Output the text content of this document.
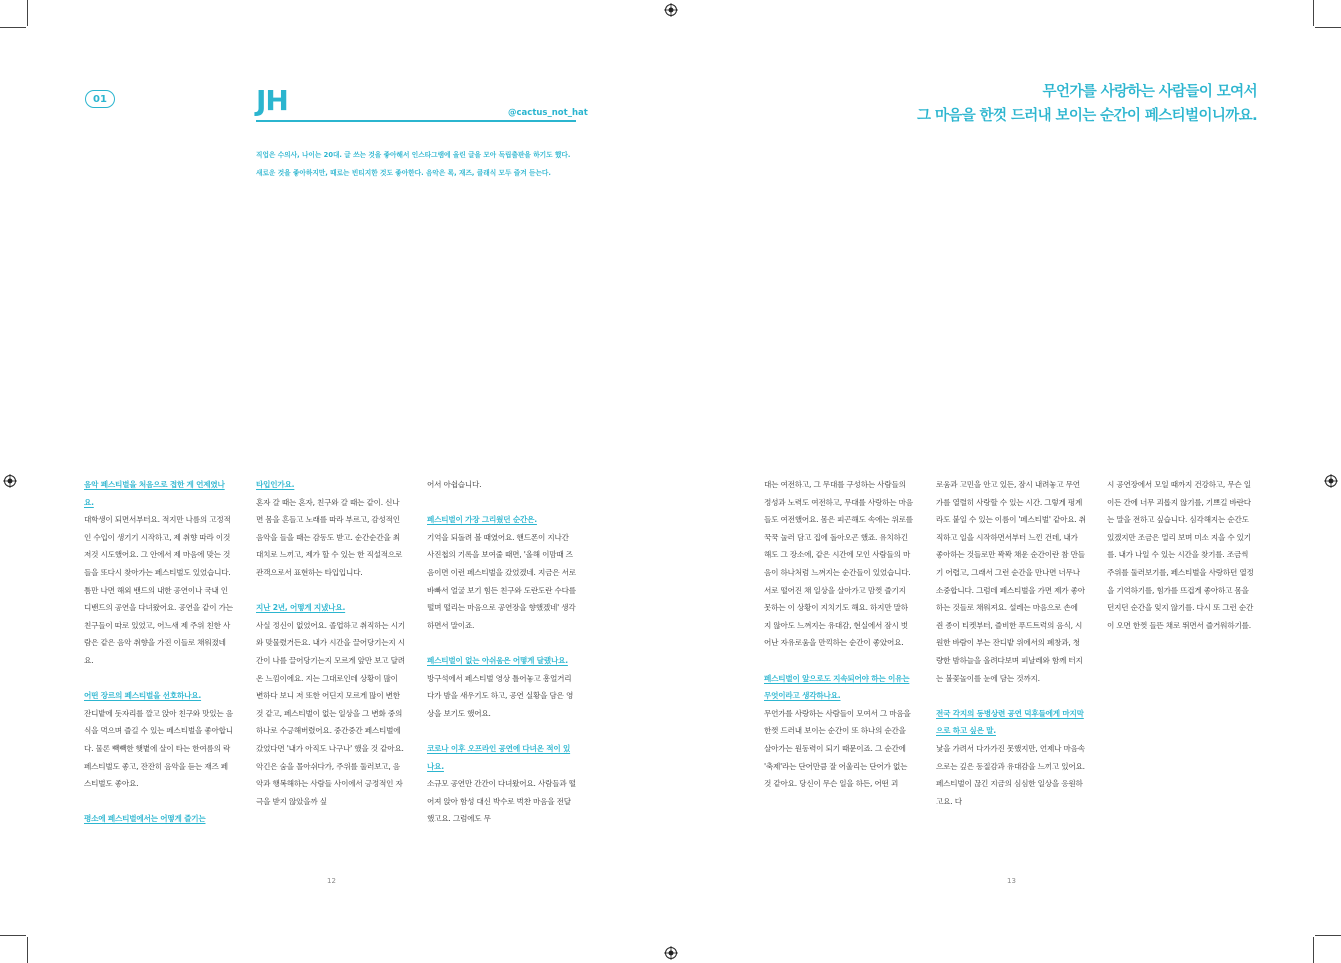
01	JH	@cactus_not_hat
직업은 수의사, 나이는 20대. 글 쓰는 것을 좋아해서 인스타그램에 올린 글을 모아 독립출판을 하기도 했다. 새로운 것을 좋아하지만, 때로는 빈티지한 것도 좋아한다. 음악은 록, 재즈, 클래식 모두 즐겨 듣는다.
무언가를 사랑하는 사람들이 모여서
그 마음을 한껏 드러내 보이는 순간이 페스티벌이니까요.
음악 페스티벌을 처음으로 접한 게 언제였나요.
대학생이 되면서부터요. 적지만 나름의 고정적인 수입이 생기기 시작하고, 제 취향 따라 이것저것 시도했어요. 그 안에서 제 마음에 맞는 것들을 또다시 찾아가는 페스티벌도 있었습니다. 틈만 나면 해외 밴드의 내한 공연이나 국내 인디밴드의 공연을 다녀왔어요. 공연을 같이 가는 친구들이 따로 있었고, 어느새 제 주위 친한 사람은 같은 음악 취향을 가진 이들로 채워졌네요.
어떤 장르의 페스티벌을 선호하나요.
잔디밭에 돗자리를 깔고 앉아 친구와 맛있는 음식을 먹으며 즐길 수 있는 페스티벌을 좋아합니다. 물론 빽빽한 햇볕에 살이 타는 한여름의 락 페스티벌도 좋고, 잔잔히 음악을 듣는 재즈 페스티벌도 좋아요.
평소에 페스티벌에서는 어떻게 즐기는
타입인가요.
혼자 갈 때는 혼자, 친구와 갈 때는 같이. 신나면 몸을 흔들고 노래를 따라 부르고, 감성적인 음악을 들을 때는 감동도 받고. 순간순간을 최대치로 느끼고, 제가 할 수 있는 한 직설적으로 관객으로서 표현하는 타입입니다.
지난 2년, 어떻게 지냈나요.
사실 정신이 없었어요. 졸업하고 취직하는 시기와 맞물렸거든요. 내가 시간을 끌어당기는지 시간이 나를 끌어당기는지 모르게 앞만 보고 달려온 느낌이에요. 지는 그대로인데 상황이 많이 변하다 보니 저 또한 어딘지 모르게 많이 변한 것 같고, 페스티벌이 없는 일상을 그 변화 중의 하나로 수긍해버렸어요. 중간중간 페스티벌에 갔었다면 '내가 아직도 나구나' 했을 것 같아요. 악긴은 숨을 몰아쉬다가, 주위를 둘러보고, 음악과 행복해하는 사람들 사이에서 긍정적인 자극을 받지 않았을까 싶
어서 아쉽습니다.
페스티벌이 가장 그리웠던 순간은.
기억을 되돌려 볼 때였어요. 핸드폰이 지나간 사진첩의 기록을 보여줄 때면, '올해 이맘때 즈음이면 이런 페스티벌을 갔었겠네. 지금은 서로 바빠서 얼굴 보기 힘든 친구와 도란도란 수다를 떨며 떨리는 마음으로 공연장을 향했겠네' 생각하면서 말이죠.
페스티벌이 없는 아쉬움은 어떻게 달랬나요.
방구석에서 페스티벌 영상 틀어놓고 흥얼거리다가 밤을 새우기도 하고, 공연 실황을 담은 영상을 보기도 했어요.
코로나 이후 오프라인 공연에 다녀온 적이 있나요.
소규모 공연만 간간이 다녀왔어요. 사람들과 떨어져 앉아 함성 대신 박수로 벅찬 마음을 전달했고요. 그럼에도 무
대는 여전하고, 그 무대를 구성하는 사람들의 정성과 노력도 여전하고, 무대를 사랑하는 마음들도 여전했어요. 몸은 피곤해도 속에는 위로를 꾹꾹 눌러 담고 집에 돌아오곤 했죠. 유치하긴 해도 그 장소에, 같은 시간에 모인 사람들의 마음이 하나처럼 느껴지는 순간들이 있었습니다. 서로 떨어진 채 일상을 살아가고 맘껏 즐기지 못하는 이 상황이 지치기도 해요. 하지만 말하지 않아도 느껴지는 유대감, 현실에서 잠시 벗어난 자유로움을 만끽하는 순간이 좋았어요.
페스티벌이 앞으로도 지속되어야 하는 이유는 무엇이라고 생각하나요.
무언가를 사랑하는 사람들이 모여서 그 마음을 한껏 드러내 보이는 순간이 또 하나의 순간을 살아가는 원동력이 되기 때문이죠. 그 순간에 '축제'라는 단어만큼 잘 어울리는 단어가 없는 것 같아요. 당신이 무슨 일을 하든, 어떤 괴
로움과 고민을 안고 있든, 잠시 내려놓고 무언가를 열렬히 사랑할 수 있는 시간. 그렇게 펑계라도 붙일 수 있는 이름이 '페스티벌' 같아요. 취직하고 일을 시작하면서부터 느낀 건데, 내가 좋아하는 것들로만 꽉꽉 채운 순간이란 참 만들기 어렵고, 그래서 그런 순간을 만나면 너무나 소중합니다. 그럼데 페스티벌을 가면 제가 좋아하는 것들로 채워져요. 설레는 마음으로 손에 쥔 종이 티켓부터, 즐비한 푸드트럭의 음식, 시원한 바람이 부는 잔디밭 위에서의 폐창과, 청량한 밤하늘을 올려다보며 피날레와 함께 터지는 불꽃놀이를 눈에 담는 것까지.
전국 각지의 동병상련 공연 덕후들에게 마지막으로 하고 싶은 말.
낯을 가려서 다가가진 못했지만, 언제나 마음속으로는 깊은 동질감과 유대감을 느끼고 있어요. 페스티벌이 끊긴 지금의 심심한 일상을 응원하고요. 다
시 공연장에서 모일 때까지 건강하고, 무슨 일이든 간에 너무 괴롭지 않기를, 기쁘길 바란다는 말을 전하고 싶습니다. 심각해지는 순간도 있겠지만 조금은 멀리 보며 미소 지을 수 있기를. 내가 나일 수 있는 시간을 찾기를. 조금씩 주위를 둘러보기를, 페스티벌을 사랑하던 열정을 기억하기를, 힘가를 뜨겁게 좋아하고 몸을 던지던 순간을 잊지 않기를. 다시 또 그런 순간이 오면 한껏 들뜬 채로 뛰면서 즐거워하기를.
12	13
